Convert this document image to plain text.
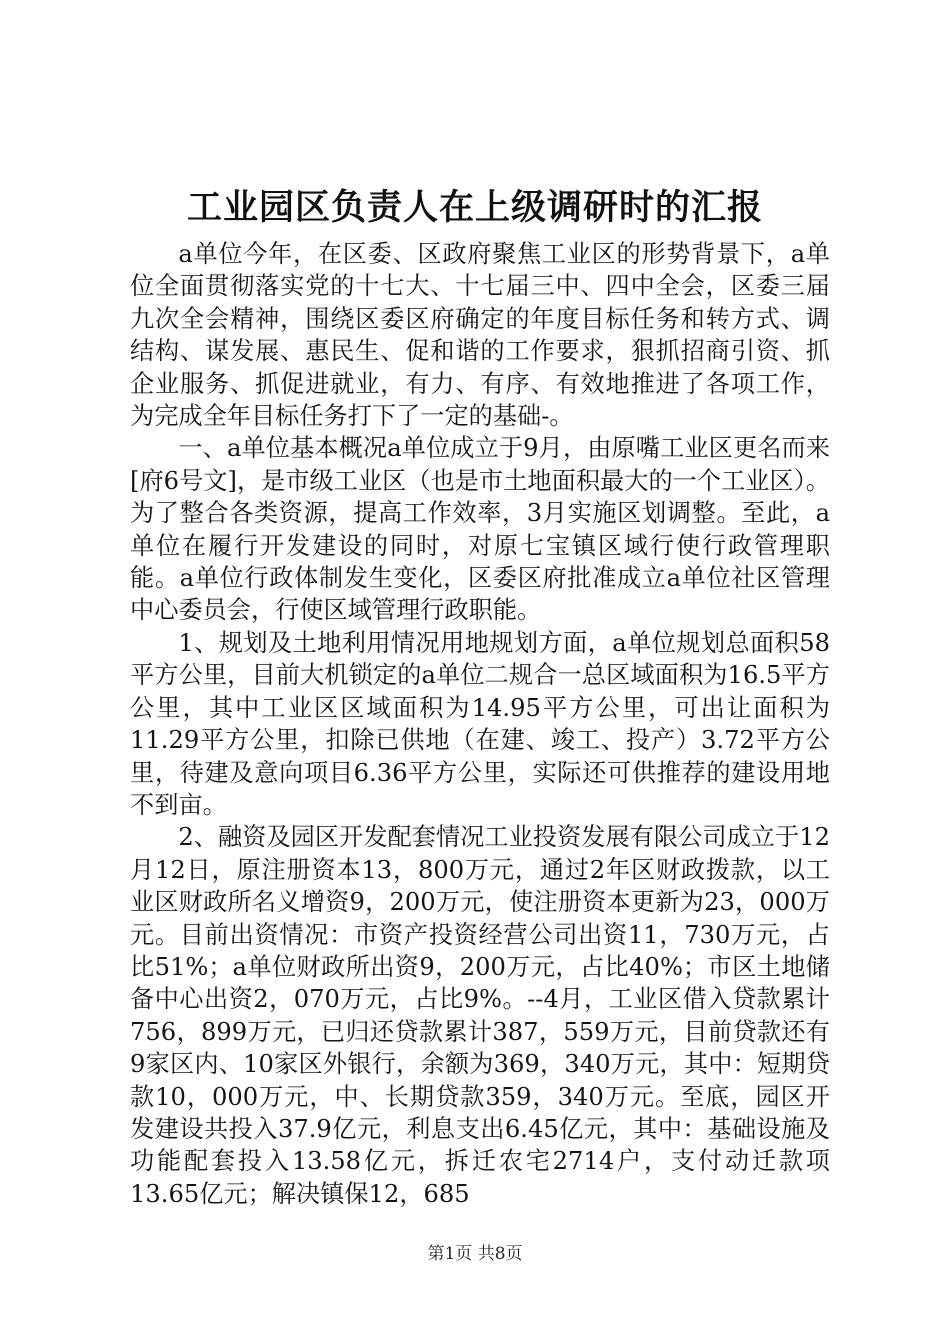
工业园区负责人在上级调研时的汇报

a单位今年，在区委、区政府聚焦工业区的形势背景下，a单位全面贯彻落实党的十七大、十七届三中、四中全会，区委三届九次全会精神，围绕区委区府确定的年度目标任务和转方式、调结构、谋发展、惠民生、促和谐的工作要求，狠抓招商引资、抓企业服务、抓促进就业，有力、有序、有效地推进了各项工作，为完成全年目标任务打下了一定的基础-。

一、a单位基本概况a单位成立于9月，由原嘴工业区更名而来[府6号文]，是市级工业区（也是市土地面积最大的一个工业区）。为了整合各类资源，提高工作效率，3月实施区划调整。至此，a单位在履行开发建设的同时，对原七宝镇区域行使行政管理职能。a单位行政体制发生变化，区委区府批准成立a单位社区管理中心委员会，行使区域管理行政职能。

1、规划及土地利用情况用地规划方面，a单位规划总面积58平方公里，目前大机锁定的a单位二规合一总区域面积为16.5平方公里，其中工业区区域面积为14.95平方公里，可出让面积为11.29平方公里，扣除已供地（在建、竣工、投产）3.72平方公里，待建及意向项目6.36平方公里，实际还可供推荐的建设用地不到亩。

2、融资及园区开发配套情况工业投资发展有限公司成立于12月12日，原注册资本13，800万元，通过2年区财政拨款，以工业区财政所名义增资9，200万元，使注册资本更新为23，000万元。目前出资情况：市资产投资经营公司出资11，730万元，占比51%；a单位财政所出资9，200万元，占比40%；市区土地储备中心出资2，070万元，占比9%。--4月，工业区借入贷款累计756，899万元，已归还贷款累计387，559万元，目前贷款还有9家区内、10家区外银行，余额为369，340万元，其中：短期贷款10，000万元，中、长期贷款359，340万元。至底，园区开发建设共投入37.9亿元，利息支出6.45亿元，其中：基础设施及功能配套投入13.58亿元，拆迁农宅2714户，支付动迁款项13.65亿元；解决镇保12，685

第1页 共8页
